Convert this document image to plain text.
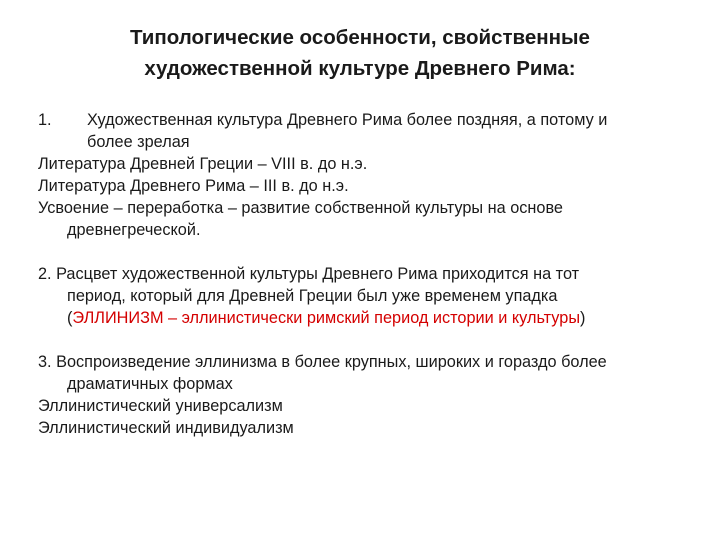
Типологические особенности, свойственные
художественной культуре Древнего Рима:
1. Художественная культура Древнего Рима более поздняя, а потому и
более зрелая
Литература Древней Греции – VIII в. до н.э.
Литература Древнего Рима – III в. до н.э.
Усвоение – переработка – развитие собственной культуры на основе
древнегреческой.
2. Расцвет художественной культуры Древнего Рима приходится на тот
период, который для Древней Греции был уже временем упадка
(ЭЛЛИНИЗМ – эллинистически римский период истории и культуры)
3. Воспроизведение эллинизма в более крупных, широких и гораздо более
драматичных формах
Эллинистический универсализм
Эллинистический индивидуализм
